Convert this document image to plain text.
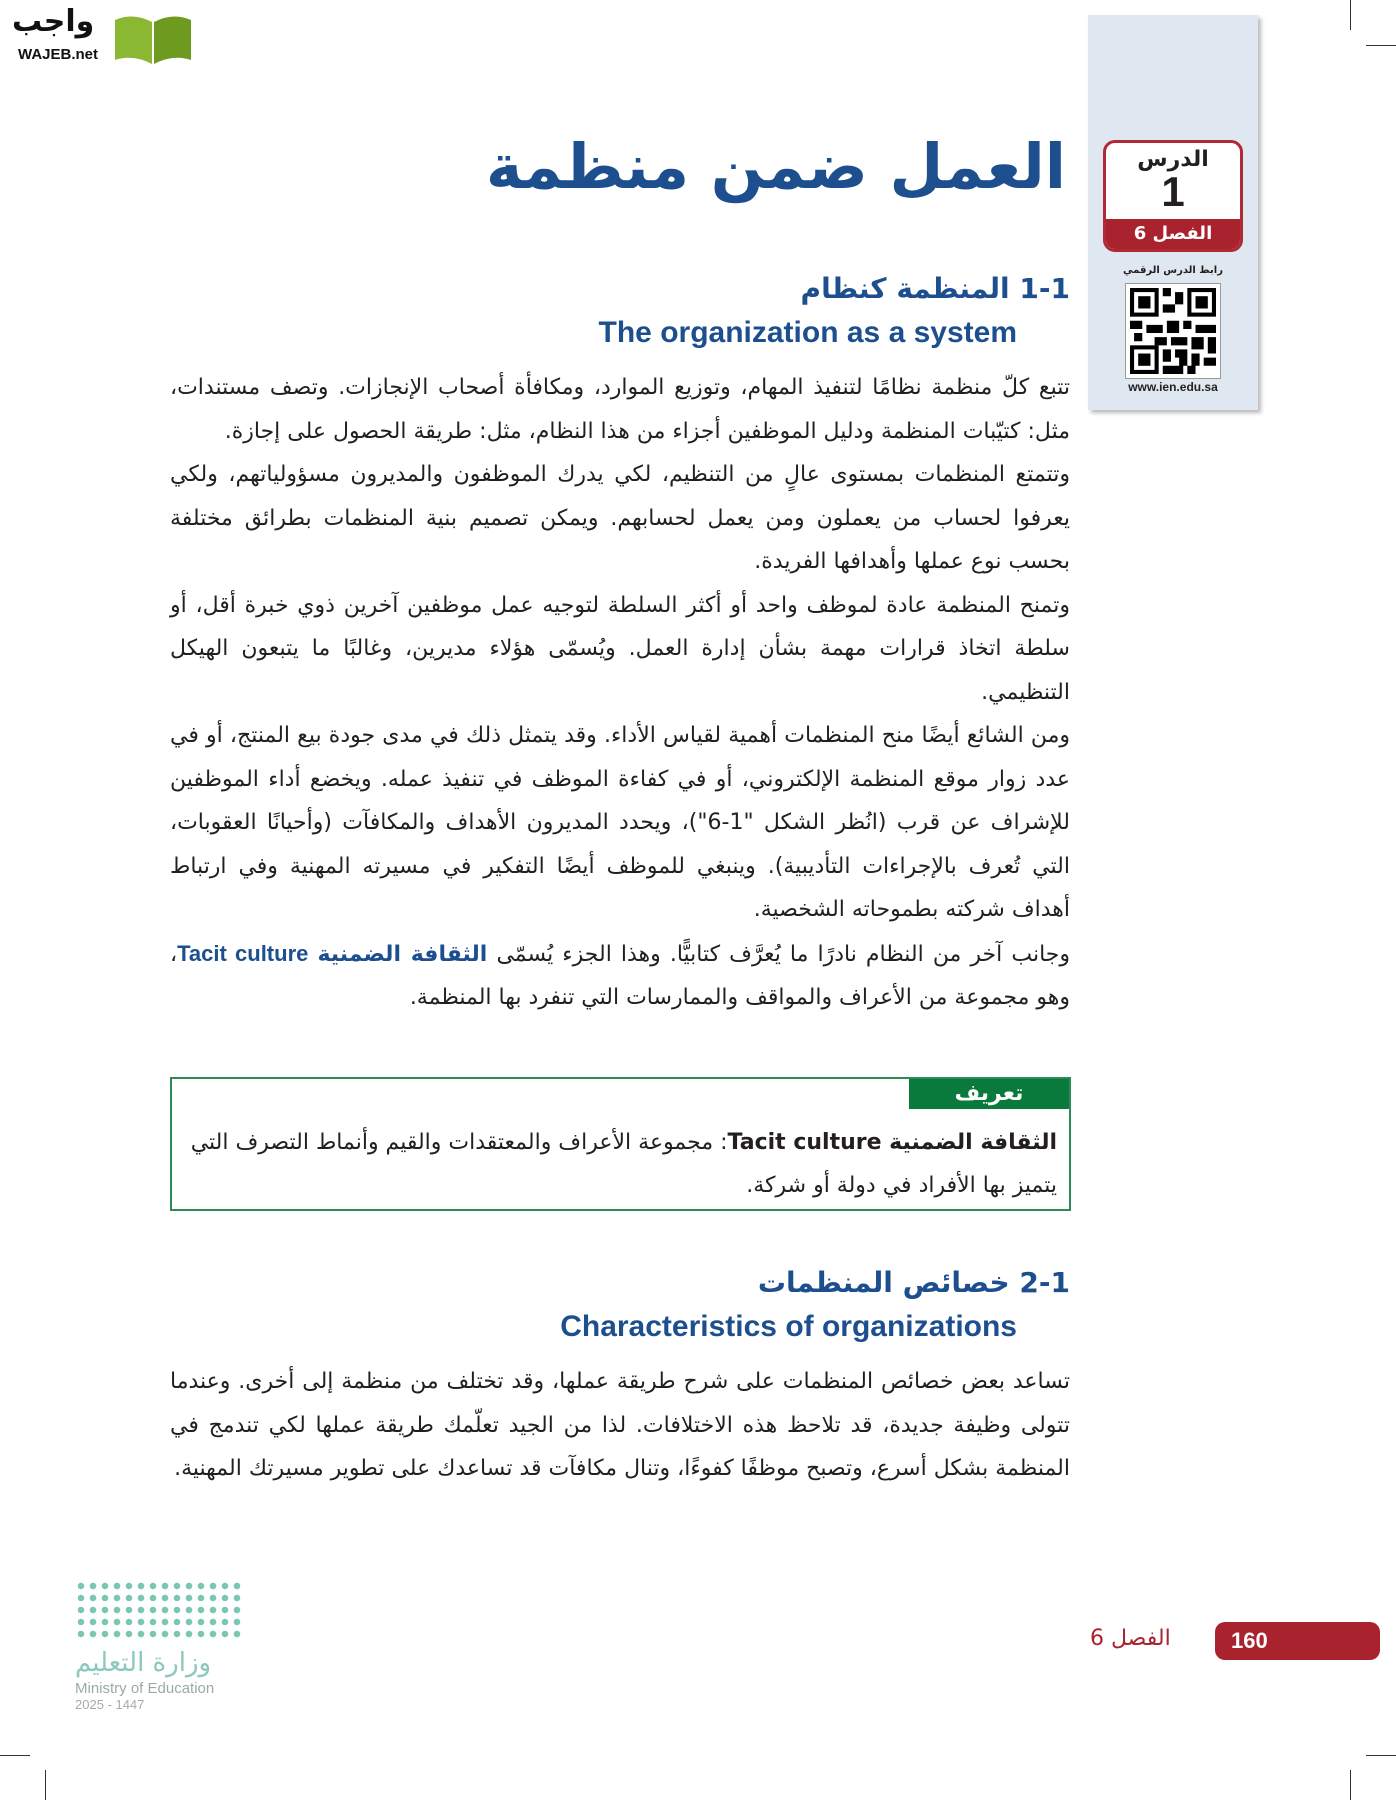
واجب
WAJEB.net
الدرس
1
الفصل 6
رابط الدرس الرقمي
www.ien.edu.sa
العمل ضمن منظمة
1-1 المنظمة كنظام
The organization as a system

تتبع كلّ منظمة نظامًا لتنفيذ المهام، وتوزيع الموارد، ومكافأة أصحاب الإنجازات. وتصف مستندات، مثل: كتيّبات المنظمة ودليل الموظفين أجزاء من هذا النظام، مثل: طريقة الحصول على إجازة.

وتتمتع المنظمات بمستوى عالٍ من التنظيم، لكي يدرك الموظفون والمديرون مسؤولياتهم، ولكي يعرفوا لحساب من يعملون ومن يعمل لحسابهم. ويمكن تصميم بنية المنظمات بطرائق مختلفة بحسب نوع عملها وأهدافها الفريدة.

وتمنح المنظمة عادة لموظف واحد أو أكثر السلطة لتوجيه عمل موظفين آخرين ذوي خبرة أقل، أو سلطة اتخاذ قرارات مهمة بشأن إدارة العمل. ويُسمّى هؤلاء مديرين، وغالبًا ما يتبعون الهيكل التنظيمي.

ومن الشائع أيضًا منح المنظمات أهمية لقياس الأداء. وقد يتمثل ذلك في مدى جودة بيع المنتج، أو في عدد زوار موقع المنظمة الإلكتروني، أو في كفاءة الموظف في تنفيذ عمله. ويخضع أداء الموظفين للإشراف عن قرب (انُظر الشكل "1-6")، ويحدد المديرون الأهداف والمكافآت (وأحيانًا العقوبات، التي تُعرف بالإجراءات التأديبية). وينبغي للموظف أيضًا التفكير في مسيرته المهنية وفي ارتباط أهداف شركته بطموحاته الشخصية.

وجانب آخر من النظام نادرًا ما يُعرَّف كتابيًّا. وهذا الجزء يُسمّى الثقافة الضمنية Tacit culture، وهو مجموعة من الأعراف والمواقف والممارسات التي تنفرد بها المنظمة.

تعريف
الثقافة الضمنية Tacit culture: مجموعة الأعراف والمعتقدات والقيم وأنماط التصرف التي يتميز بها الأفراد في دولة أو شركة.
2-1 خصائص المنظمات
Characteristics of organizations

تساعد بعض خصائص المنظمات على شرح طريقة عملها، وقد تختلف من منظمة إلى أخرى. وعندما تتولى وظيفة جديدة، قد تلاحظ هذه الاختلافات. لذا من الجيد تعلّمك طريقة عملها لكي تندمج في المنظمة بشكل أسرع، وتصبح موظفًا كفوءًا، وتنال مكافآت قد تساعدك على تطوير مسيرتك المهنية.

وزارة التعليم
Ministry of Education
2025 - 1447
الفصل 6	160
